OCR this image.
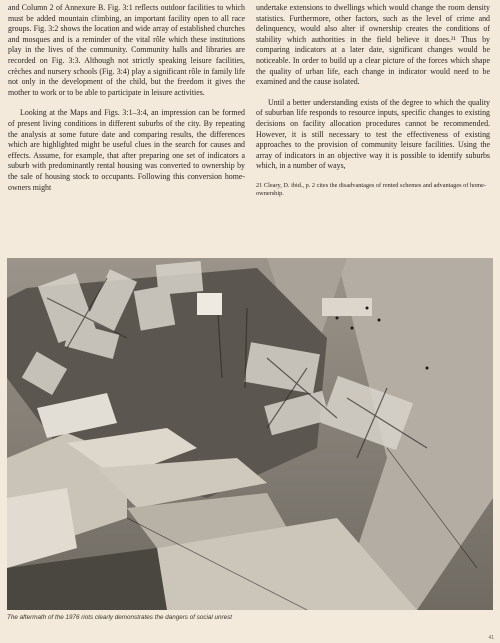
and Column 2 of Annexure B. Fig. 3:1 reflects outdoor facilities to which must be added mountain climbing, an important facility open to all race groups. Fig. 3:2 shows the location and wide array of established churches and mosques and is a reminder of the vital rôle which these institutions play in the lives of the community. Community halls and libraries are recorded on Fig. 3:3. Although not strictly speaking leisure facilities, crèches and nursery schools (Fig. 3:4) play a significant rôle in family life not only in the development of the child, but the freedom it gives the mother to work or to be able to participate in leisure activities.

Looking at the Maps and Figs. 3:1–3:4, an impression can be formed of present living conditions in different suburbs of the city. By repeating the analysis at some future date and comparing results, the differences which are highlighted might be useful clues in the search for causes and effects. Assume, for example, that after preparing one set of indicators a suburb with predominantly rental housing was converted to ownership by the sale of housing stock to occupants. Following this conversion home-owners might

undertake extensions to dwellings which would change the room density statistics. Furthermore, other factors, such as the level of crime and delinquency, would also alter if ownership creates the conditions of stability which authorities in the field believe it does.²¹ Thus by comparing indicators at a later date, significant changes would be noticeable. In order to build up a clear picture of the forces which shape the quality of urban life, each change in indicator would need to be examined and the cause isolated.

Until a better understanding exists of the degree to which the quality of suburban life responds to resource inputs, specific changes to existing decisions on facility allocation procedures cannot be recommended. However, it is still necessary to test the effectiveness of existing approaches to the provision of community leisure facilities. Using the array of indicators in an objective way it is possible to identify suburbs which, in a number of ways,

21 Cleary, D. ibid., p. 2 cites the disadvantages of rented schemes and advantages of home-ownership.
The aftermath of the 1976 riots clearly demonstrates the dangers of social unrest
41
